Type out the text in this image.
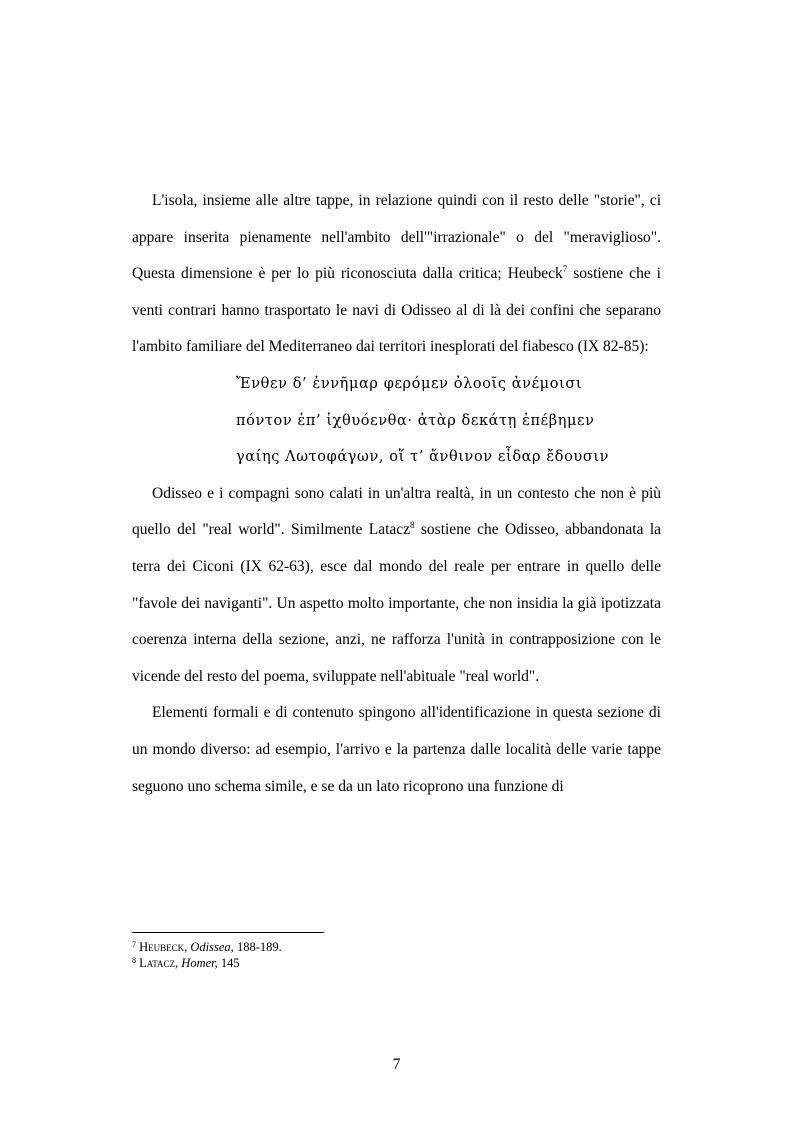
L'isola, insieme alle altre tappe, in relazione quindi con il resto delle "storie", ci appare inserita pienamente nell'ambito dell'"irrazionale" o del "meraviglioso". Questa dimensione è per lo più riconosciuta dalla critica; Heubeck$^7$ sostiene che i venti contrari hanno trasportato le navi di Odisseo al di là dei confini che separano l'ambito familiare del Mediterraneo dai territori inesplorati del fiabesco (IX 82-85):

Ἔνθεν δ’ ἐννῆμαρ φερόμεν ὀλοοῖς ἀνέμοισι
πόντον ἐπ’ ἰχθυόενθα· ἀτὰρ δεκάτῃ ἐπέβημεν
γαίης Λωτοφάγων, οἵ τ’ ἄνθινον εἶδαρ ἔδουσιν

Odisseo e i compagni sono calati in un'altra realtà, in un contesto che non è più quello del "real world". Similmente Latacz$^8$ sostiene che Odisseo, abbandonata la terra dei Ciconi (IX 62-63), esce dal mondo del reale per entrare in quello delle "favole dei naviganti". Un aspetto molto importante, che non insidia la già ipotizzata coerenza interna della sezione, anzi, ne rafforza l'unità in contrapposizione con le vicende del resto del poema, sviluppate nell'abituale "real world".

Elementi formali e di contenuto spingono all'identificazione in questa sezione di un mondo diverso: ad esempio, l'arrivo e la partenza dalle località delle varie tappe seguono uno schema simile, e se da un lato ricoprono una funzione di

$^7$ Heubeck, Odissea, 188-189.
$^8$ Latacz, Homer, 145
7
